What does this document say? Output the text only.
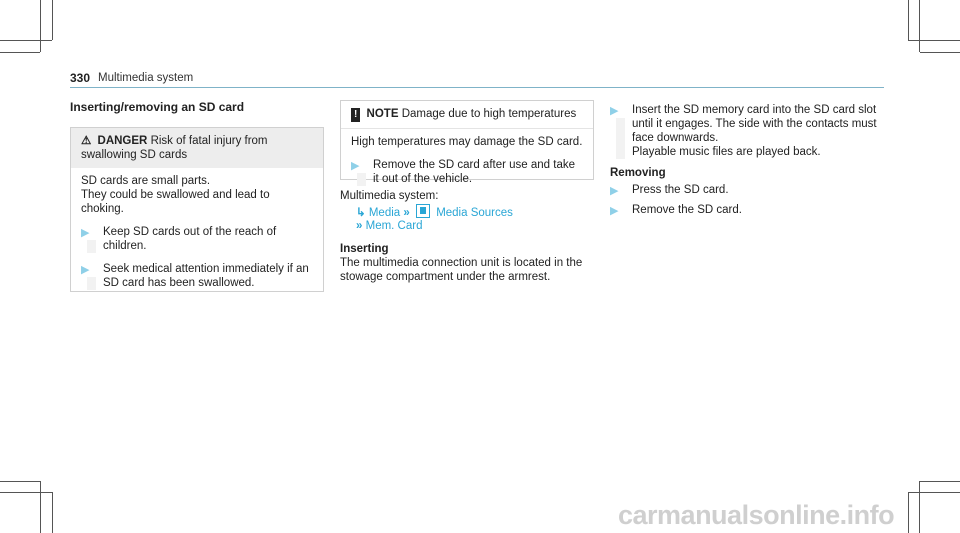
330 Multimedia system
Inserting/removing an SD card
⚠ DANGER Risk of fatal injury from swallowing SD cards
SD cards are small parts.
They could be swallowed and lead to choking.
▶ Keep SD cards out of the reach of children.
▶ Seek medical attention immediately if an SD card has been swallowed.
! NOTE Damage due to high temperatures
High temperatures may damage the SD card.
▶ Remove the SD card after use and take it out of the vehicle.
Multimedia system:
↳ Media » Media Sources
» Mem. Card
Inserting
The multimedia connection unit is located in the stowage compartment under the armrest.
▶ Insert the SD memory card into the SD card slot until it engages. The side with the contacts must face downwards.
Playable music files are played back.
Removing
▶ Press the SD card.
▶ Remove the SD card.
carmanualsonline.info
